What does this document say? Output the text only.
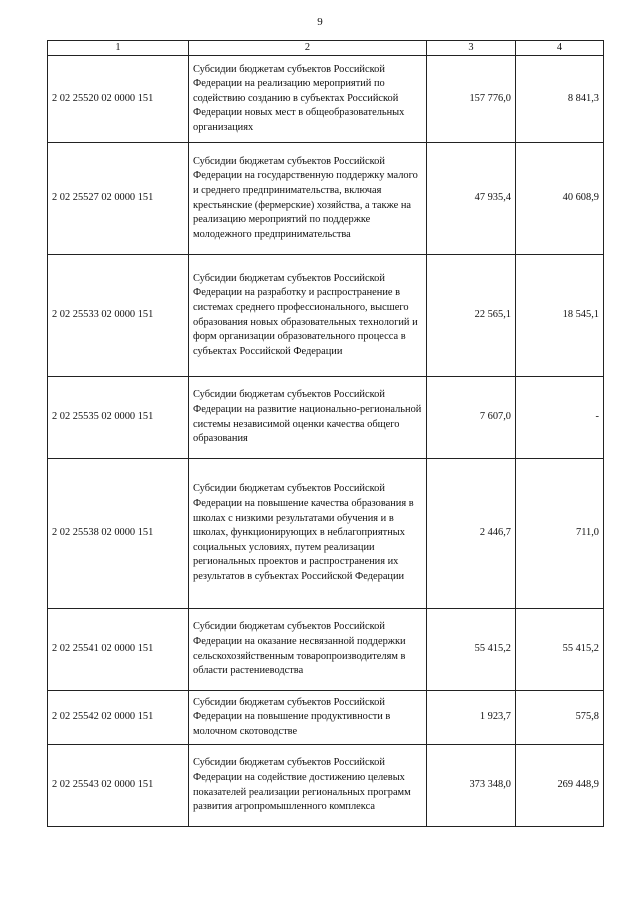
9
1	2	3	4
2 02 25520 02 0000 151	Субсидии бюджетам субъектов Российской Федерации на реализацию мероприятий по содействию созданию в субъектах Российской Федерации новых мест в общеобразовательных организациях	157 776,0	8 841,3
2 02 25527 02 0000 151	Субсидии бюджетам субъектов Российской Федерации на государственную поддержку малого и среднего предпринимательства, включая крестьянские (фермерские) хозяйства, а также на реализацию мероприятий по поддержке молодежного предпринимательства	47 935,4	40 608,9
2 02 25533 02 0000 151	Субсидии бюджетам субъектов Российской Федерации на разработку и распространение в системах среднего профессионального, высшего образования новых образовательных технологий и форм организации образовательного процесса в субъектах Российской Федерации	22 565,1	18 545,1
2 02 25535 02 0000 151	Субсидии бюджетам субъектов Российской Федерации на развитие национально-региональной системы независимой оценки качества общего образования	7 607,0	-
2 02 25538 02 0000 151	Субсидии бюджетам субъектов Российской Федерации на повышение качества образования в школах с низкими результатами обучения и в школах, функционирующих в неблагоприятных социальных условиях, путем реализации региональных проектов и распространения их результатов в субъектах Российской Федерации	2 446,7	711,0
2 02 25541 02 0000 151	Субсидии бюджетам субъектов Российской Федерации на оказание несвязанной поддержки сельскохозяйственным товаропроизводителям в области растениеводства	55 415,2	55 415,2
2 02 25542 02 0000 151	Субсидии бюджетам субъектов Российской Федерации на повышение продуктивности в молочном скотоводстве	1 923,7	575,8
2 02 25543 02 0000 151	Субсидии бюджетам субъектов Российской Федерации на содействие достижению целевых показателей реализации региональных программ развития агропромышленного комплекса	373 348,0	269 448,9
